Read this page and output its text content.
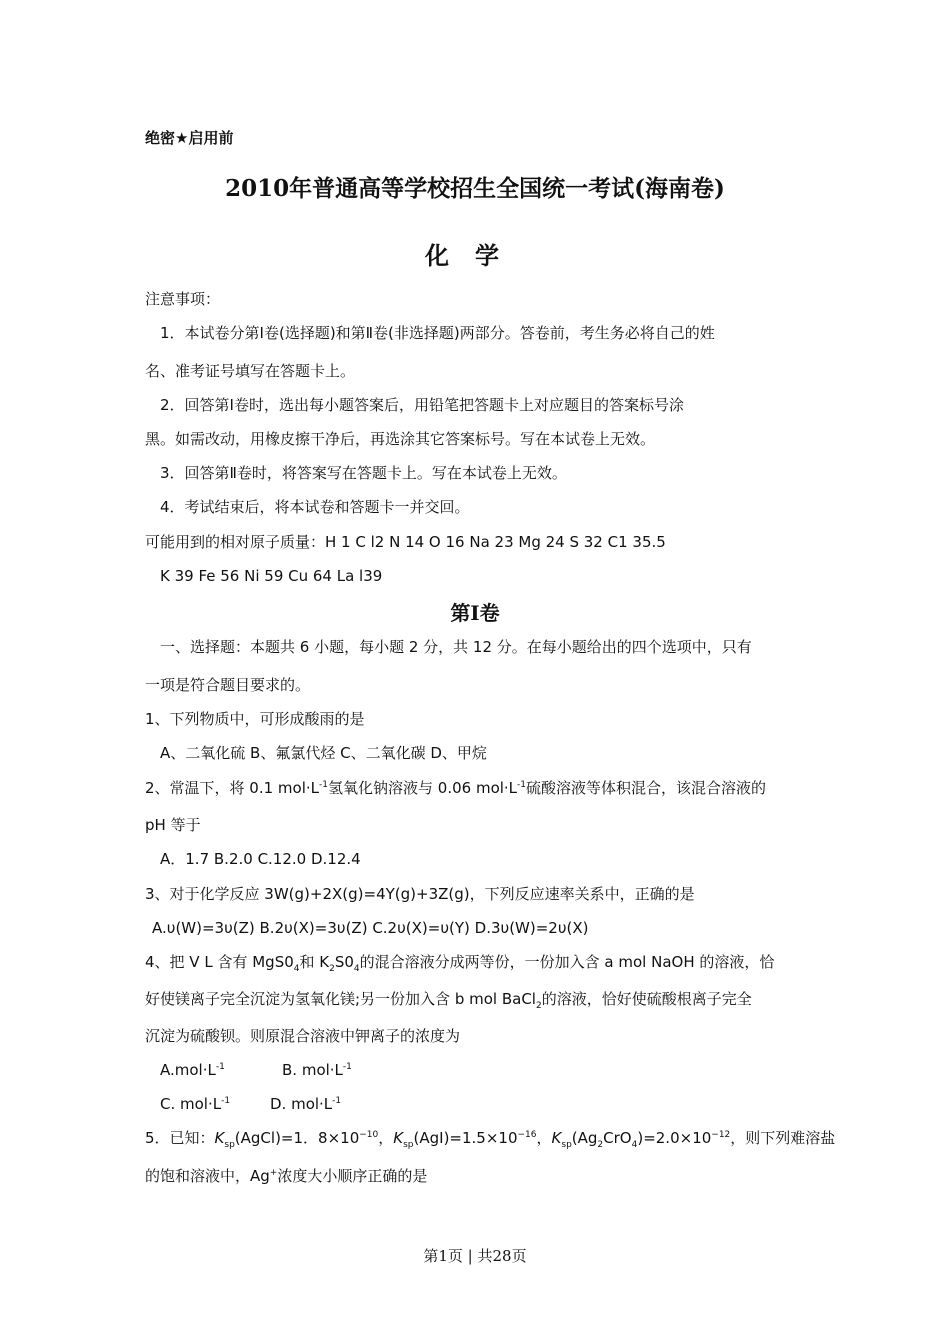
绝密★启用前
2010年普通高等学校招生全国统一考试(海南卷)
化学
注意事项：
1．本试卷分第Ⅰ卷(选择题)和第Ⅱ卷(非选择题)两部分。答卷前，考生务必将自己的姓
名、准考证号填写在答题卡上。
2．回答第Ⅰ卷时，选出每小题答案后，用铅笔把答题卡上对应题目的答案标号涂
黑。如需改动，用橡皮擦干净后，再选涂其它答案标号。写在本试卷上无效。
3．回答第Ⅱ卷时，将答案写在答题卡上。写在本试卷上无效。
4．考试结束后，将本试卷和答题卡一并交回。
可能用到的相对原子质量：H 1 C l2 N 14 O 16 Na 23 Mg 24 S 32 C1 35.5
K 39 Fe 56 Ni 59 Cu 64 La l39
第Ⅰ卷
一、选择题：本题共 6 小题，每小题 2 分，共 12 分。在每小题给出的四个选项中，只有
一项是符合题目要求的。
1、下列物质中，可形成酸雨的是
A、二氧化硫 B、氟氯代烃 C、二氧化碳 D、甲烷
2、常温下，将 0.1 $mol\cdot L^{-1}$氢氧化钠溶液与 0.06 $mol\cdot L^{-1}$硫酸溶液等体积混合，该混合溶液的
pH 等于
A．1.7 B.2.0 C.12.0 D.12.4
3、对于化学反应 3W(g)+2X(g)=4Y(g)+3Z(g)，下列反应速率关系中，正确的是
A.υ(W)=3υ(Z) B.2υ(X)=3υ(Z) C.2υ(X)=υ(Y) D.3υ(W)=2υ(X)
4、把 V L 含有 $MgS0_4$和 $K_2S0_4$的混合溶液分成两等份，一份加入含 a mol NaOH 的溶液，恰
好使镁离子完全沉淀为氢氧化镁;另一份加入含 b mol BaCl$_2$的溶液，恰好使硫酸根离子完全
沉淀为硫酸钡。则原混合溶液中钾离子的浓度为
$A.mol\cdot L^{-1}$	B. $mol\cdot L^{-1}$
C. $mol\cdot L^{-1}$	D. $mol\cdot L^{-1}$
5．已知：$K_{sp}(AgCl)=1$．$8\times 10^{-10}$，$K_{sp}(AgI)=1.5\times 10^{-16}$，$K_{sp}(Ag_2CrO_4)=2.0\times 10^{-12}$，则下列难溶盐
的饱和溶液中，Ag+浓度大小顺序正确的是
第1页 | 共28页
